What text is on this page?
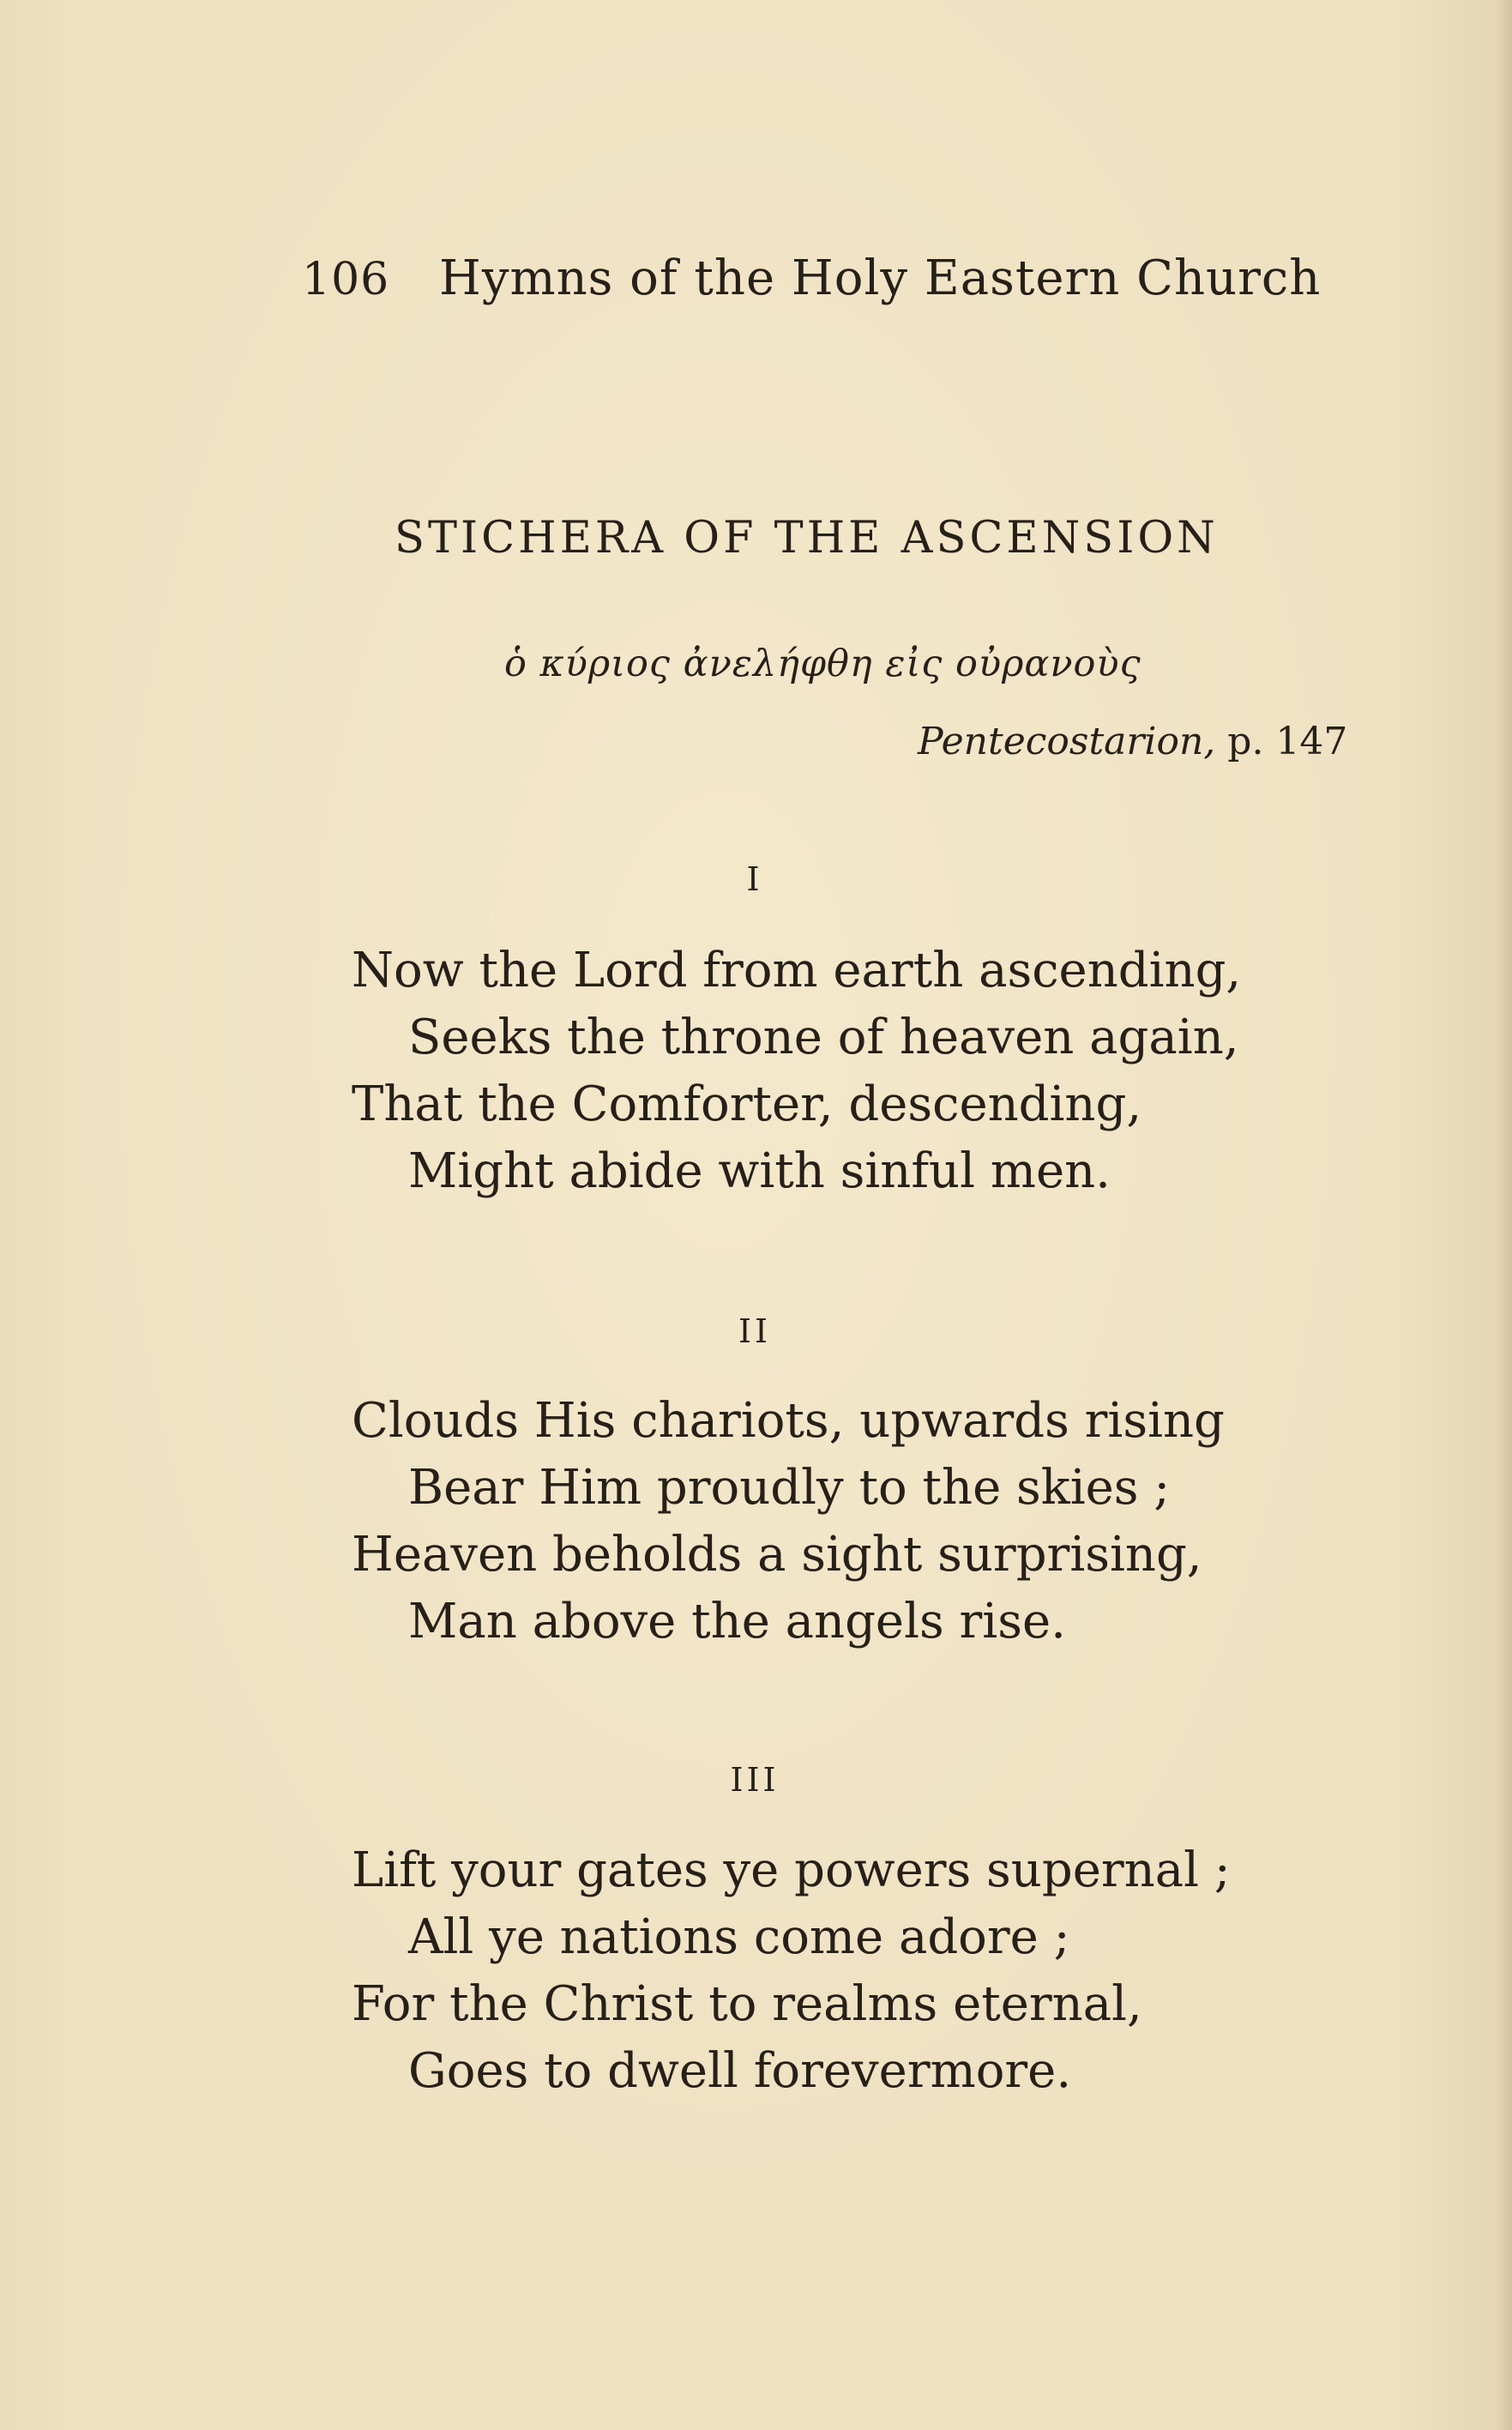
106 Hymns of the Holy Eastern Church
STICHERA OF THE ASCENSION
ὁ κύριος ἀνελήφθη εἰς οὐρανοὺς
Pentecostarion, p. 147
I
Now the Lord from earth ascending,
Seeks the throne of heaven again,
That the Comforter, descending,
Might abide with sinful men.
II
Clouds His chariots, upwards rising
Bear Him proudly to the skies ;
Heaven beholds a sight surprising,
Man above the angels rise.
III
Lift your gates ye powers supernal ;
All ye nations come adore ;
For the Christ to realms eternal,
Goes to dwell forevermore.
